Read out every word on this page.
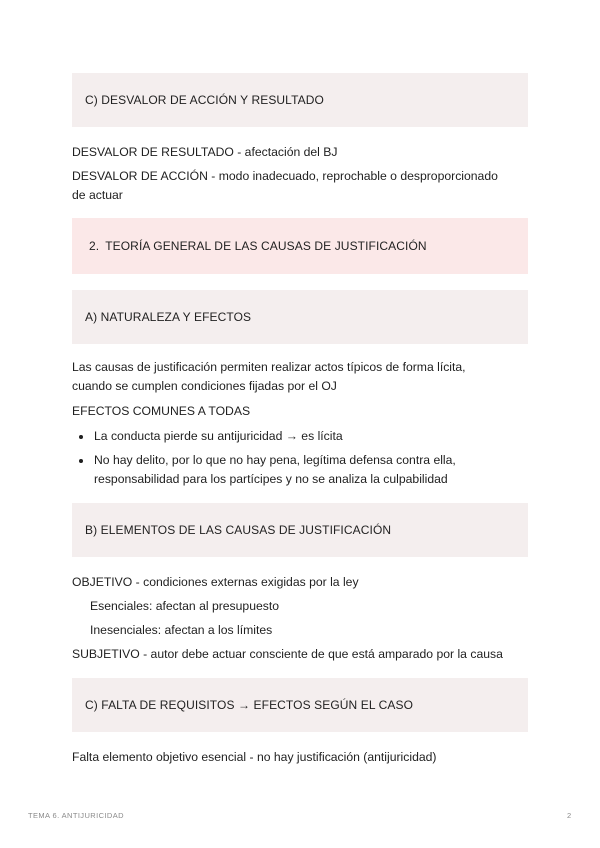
C) DESVALOR DE ACCIÓN Y RESULTADO
DESVALOR DE RESULTADO - afectación del BJ
DESVALOR DE ACCIÓN - modo inadecuado, reprochable o desproporcionado
de actuar
2. TEORÍA GENERAL DE LAS CAUSAS DE JUSTIFICACIÓN
A) NATURALEZA Y EFECTOS
Las causas de justificación permiten realizar actos típicos de forma lícita,
cuando se cumplen condiciones fijadas por el OJ
EFECTOS COMUNES A TODAS
La conducta pierde su antijuricidad → es lícita
No hay delito, por lo que no hay pena, legítima defensa contra ella,
responsabilidad para los partícipes y no se analiza la culpabilidad
B) ELEMENTOS DE LAS CAUSAS DE JUSTIFICACIÓN
OBJETIVO - condiciones externas exigidas por la ley
Esenciales: afectan al presupuesto
Inesenciales: afectan a los límites
SUBJETIVO - autor debe actuar consciente de que está amparado por la causa
C) FALTA DE REQUISITOS → EFECTOS SEGÚN EL CASO
Falta elemento objetivo esencial - no hay justificación (antijuricidad)
TEMA 6. ANTIJURICIDAD	2
